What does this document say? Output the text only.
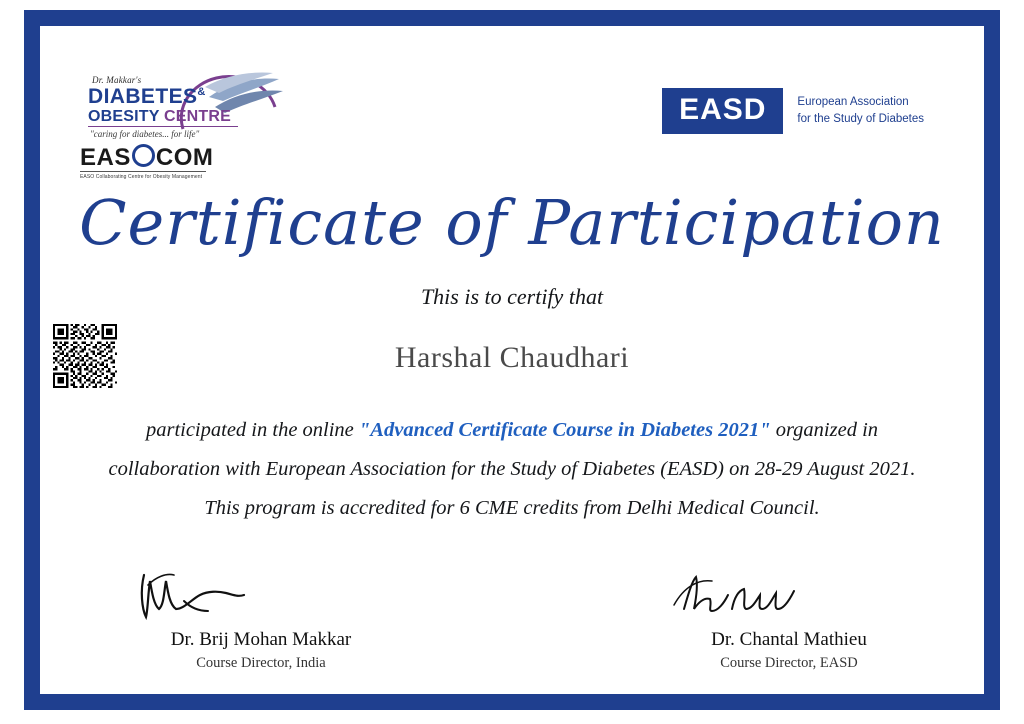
Dr. Makkar's
DIABETES&
OBESITY CENTRE
"caring for diabetes... for life"
EAS COM
EASO Collaborating Centre for Obesity Management
EASD	European Association
for the Study of Diabetes
Certificate of Participation
This is to certify that
Harshal Chaudhari
participated in the online "Advanced Certificate Course in Diabetes 2021" organized in
collaboration with European Association for the Study of Diabetes (EASD) on 28-29 August 2021.
This program is accredited for 6 CME credits from Delhi Medical Council.
Dr. Brij Mohan Makkar
Course Director, India
Dr. Chantal Mathieu
Course Director, EASD
